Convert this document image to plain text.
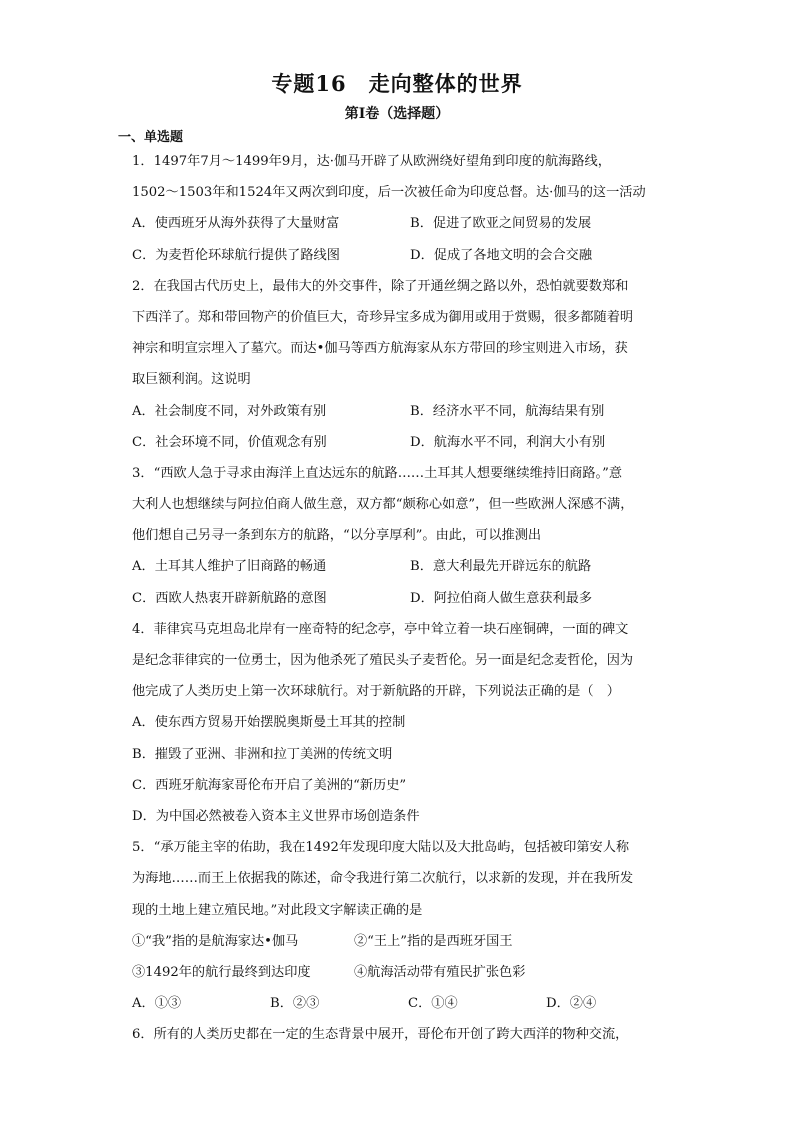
专题16　走向整体的世界
第I卷（选择题）
一、单选题
1．1497年7月～1499年9月，达·伽马开辟了从欧洲绕好望角到印度的航海路线，
1502～1503年和1524年又两次到印度，后一次被任命为印度总督。达·伽马的这一活动
A．使西班牙从海外获得了大量财富	B．促进了欧亚之间贸易的发展
C．为麦哲伦环球航行提供了路线图	D．促成了各地文明的会合交融
2．在我国古代历史上，最伟大的外交事件，除了开通丝绸之路以外，恐怕就要数郑和
下西洋了。郑和带回物产的价值巨大，奇珍异宝多成为御用或用于赏赐，很多都随着明
神宗和明宣宗埋入了墓穴。而达•伽马等西方航海家从东方带回的珍宝则进入市场，获
取巨额利润。这说明
A．社会制度不同，对外政策有别	B．经济水平不同，航海结果有别
C．社会环境不同，价值观念有别	D．航海水平不同，利润大小有别
3．“西欧人急于寻求由海洋上直达远东的航路……土耳其人想要继续维持旧商路。”意
大利人也想继续与阿拉伯商人做生意，双方都“颇称心如意”，但一些欧洲人深感不满，
他们想自己另寻一条到东方的航路，“以分享厚利”。由此，可以推测出
A．土耳其人维护了旧商路的畅通	B．意大利最先开辟远东的航路
C．西欧人热衷开辟新航路的意图	D．阿拉伯商人做生意获利最多
4．菲律宾马克坦岛北岸有一座奇特的纪念亭，亭中耸立着一块石座铜碑，一面的碑文
是纪念菲律宾的一位勇士，因为他杀死了殖民头子麦哲伦。另一面是纪念麦哲伦，因为
他完成了人类历史上第一次环球航行。对于新航路的开辟，下列说法正确的是（　）
A．使东西方贸易开始摆脱奥斯曼土耳其的控制
B．摧毁了亚洲、非洲和拉丁美洲的传统文明
C．西班牙航海家哥伦布开启了美洲的“新历史”
D．为中国必然被卷入资本主义世界市场创造条件
5．“承万能主宰的佑助，我在1492年发现印度大陆以及大批岛屿，包括被印第安人称
为海地……而王上依据我的陈述，命令我进行第二次航行，以求新的发现，并在我所发
现的土地上建立殖民地。”对此段文字解读正确的是
①“我”指的是航海家达•伽马	②“王上”指的是西班牙国王
③1492年的航行最终到达印度	④航海活动带有殖民扩张色彩
A．①③	B．②③	C．①④	D．②④
6．所有的人类历史都在一定的生态背景中展开，哥伦布开创了跨大西洋的物种交流，
